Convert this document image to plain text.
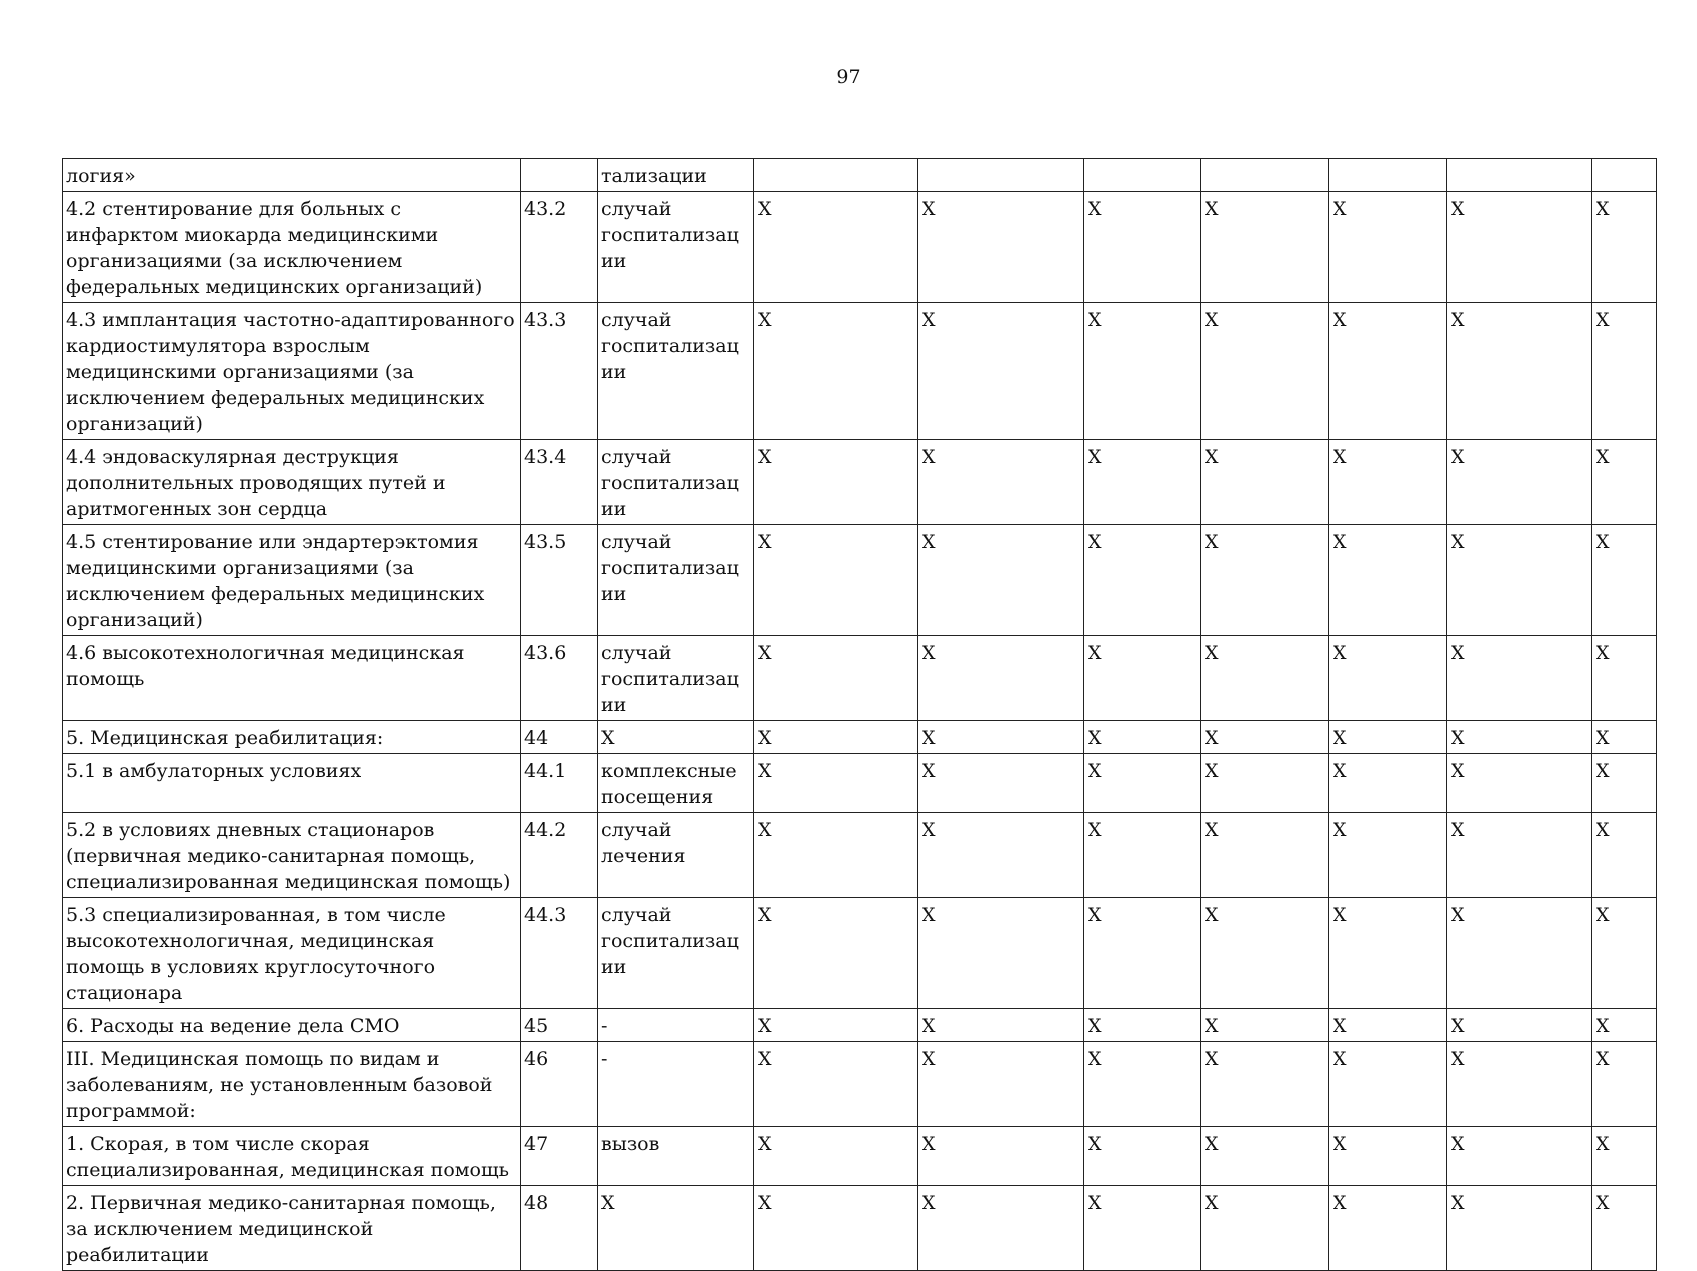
97
логия»		тализации							
4.2 стентирование для больных с инфарктом миокарда медицинскими организациями (за исключением федеральных медицинских организаций)	43.2	случай госпитализации	X	X	X	X	X	X	X
4.3 имплантация частотно-адаптированного кардиостимулятора взрослым медицинскими организациями (за исключением федеральных медицинских организаций)	43.3	случай госпитализации	X	X	X	X	X	X	X
4.4 эндоваскулярная деструкция дополнительных проводящих путей и аритмогенных зон сердца	43.4	случай госпитализации	X	X	X	X	X	X	X
4.5 стентирование или эндартерэктомия медицинскими организациями (за исключением федеральных медицинских организаций)	43.5	случай госпитализации	X	X	X	X	X	X	X
4.6 высокотехнологичная медицинская помощь	43.6	случай госпитализации	X	X	X	X	X	X	X
5. Медицинская реабилитация:	44	X	X	X	X	X	X	X	X
5.1 в амбулаторных условиях	44.1	комплексные посещения	X	X	X	X	X	X	X
5.2 в условиях дневных стационаров (первичная медико-санитарная помощь, специализированная медицинская помощь)	44.2	случай лечения	X	X	X	X	X	X	X
5.3 специализированная, в том числе высокотехнологичная, медицинская помощь в условиях круглосуточного стационара	44.3	случай госпитализации	X	X	X	X	X	X	X
6. Расходы на ведение дела СМО	45	-	X	X	X	X	X	X	X
III. Медицинская помощь по видам и заболеваниям, не установленным базовой программой:	46	-	X	X	X	X	X	X	X
1. Скорая, в том числе скорая специализированная, медицинская помощь	47	вызов	X	X	X	X	X	X	X
2. Первичная медико-санитарная помощь, за исключением медицинской реабилитации	48	X	X	X	X	X	X	X	X
